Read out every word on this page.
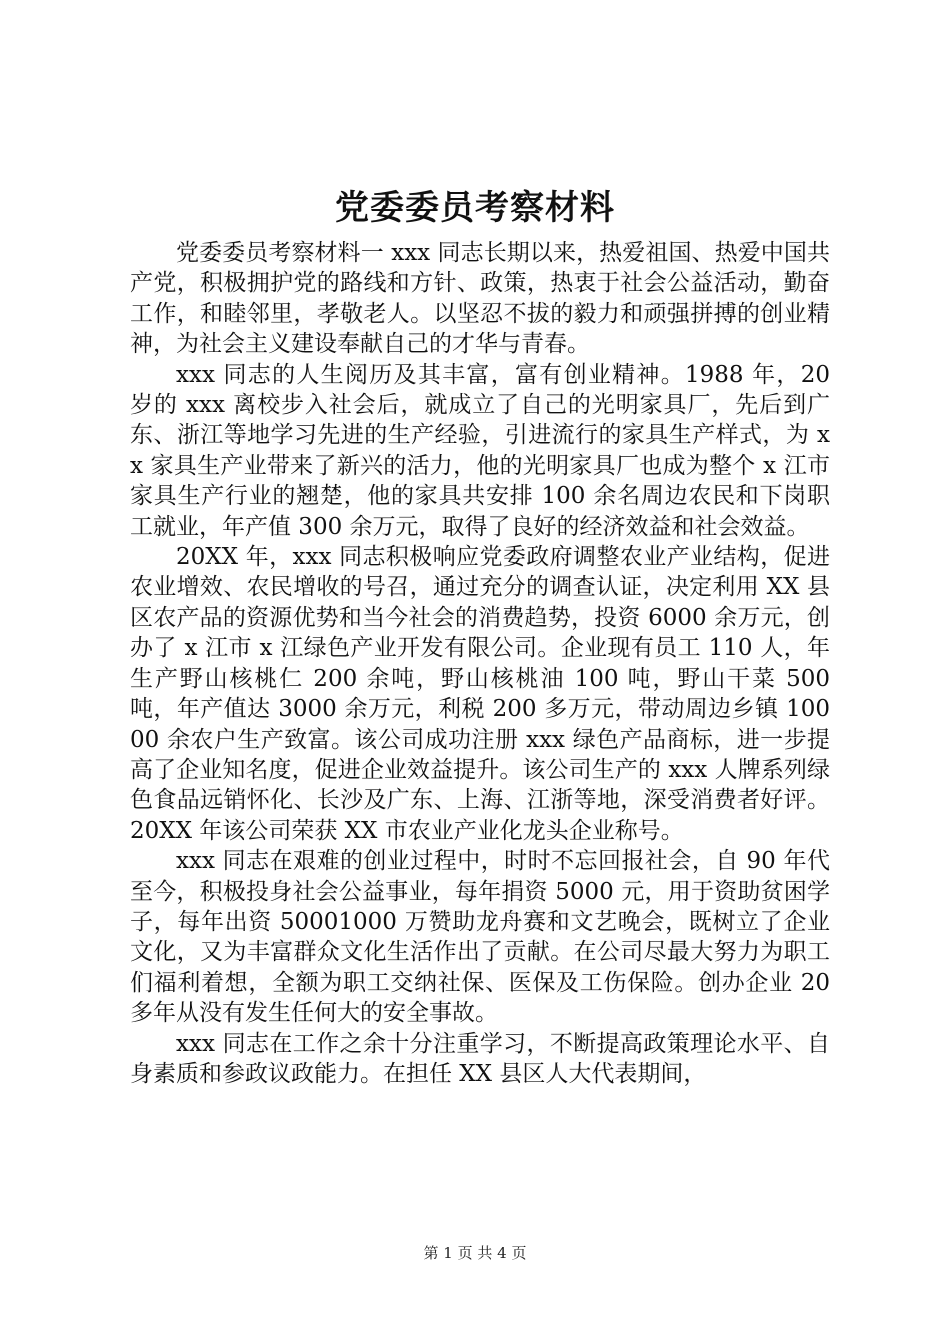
党委委员考察材料

党委委员考察材料一 xxx 同志长期以来，热爱祖国、热爱中国共产党，积极拥护党的路线和方针、政策，热衷于社会公益活动，勤奋工作，和睦邻里，孝敬老人。以坚忍不拔的毅力和顽强拼搏的创业精神，为社会主义建设奉献自己的才华与青春。

xxx 同志的人生阅历及其丰富，富有创业精神。1988 年，20 岁的 xxx 离校步入社会后，就成立了自己的光明家具厂，先后到广东、浙江等地学习先进的生产经验，引进流行的家具生产样式，为 xx 家具生产业带来了新兴的活力，他的光明家具厂也成为整个 x 江市家具生产行业的翘楚，他的家具共安排 100 余名周边农民和下岗职工就业，年产值 300 余万元，取得了良好的经济效益和社会效益。

20XX 年，xxx 同志积极响应党委政府调整农业产业结构，促进农业增效、农民增收的号召，通过充分的调查认证，决定利用 XX 县区农产品的资源优势和当今社会的消费趋势，投资 6000 余万元，创办了 x 江市 x 江绿色产业开发有限公司。企业现有员工 110 人，年生产野山核桃仁 200 余吨，野山核桃油 100 吨，野山干菜 500 吨，年产值达 3000 余万元，利税 200 多万元，带动周边乡镇 10000 余农户生产致富。该公司成功注册 xxx 绿色产品商标，进一步提高了企业知名度，促进企业效益提升。该公司生产的 xxx 人牌系列绿色食品远销怀化、长沙及广东、上海、江浙等地，深受消费者好评。20XX 年该公司荣获 XX 市农业产业化龙头企业称号。

xxx 同志在艰难的创业过程中，时时不忘回报社会，自 90 年代至今，积极投身社会公益事业，每年捐资 5000 元，用于资助贫困学子，每年出资 50001000 万赞助龙舟赛和文艺晚会，既树立了企业文化，又为丰富群众文化生活作出了贡献。在公司尽最大努力为职工们福利着想，全额为职工交纳社保、医保及工伤保险。创办企业 20 多年从没有发生任何大的安全事故。

xxx 同志在工作之余十分注重学习，不断提高政策理论水平、自身素质和参政议政能力。在担任 XX 县区人大代表期间，

第 1 页 共 4 页
